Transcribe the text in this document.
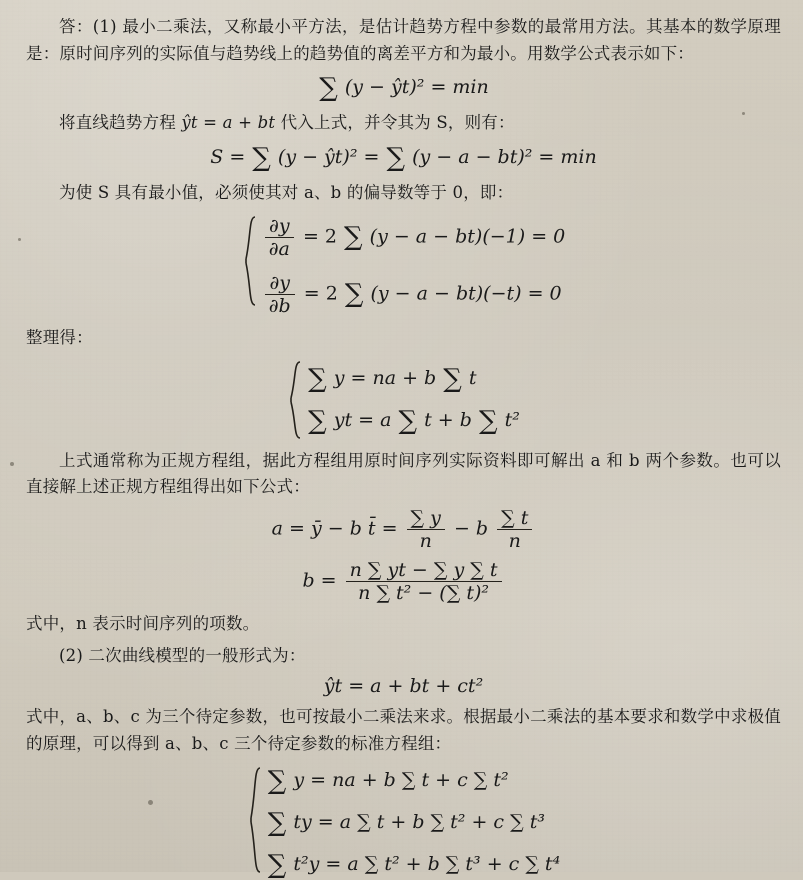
答：(1) 最小二乘法，又称最小平方法，是估计趋势方程中参数的最常用方法。其基本的数学原理是：原时间序列的实际值与趋势线上的趋势值的离差平方和为最小。用数学公式表示如下：

∑ (y − ŷt)² = min

将直线趋势方程 ŷt = a + bt 代入上式，并令其为 S，则有：

S = ∑ (y − ŷt)² = ∑ (y − a − bt)² = min

为使 S 具有最小值，必须使其对 a、b 的偏导数等于 0，即：

$\frac{\partial y}{\partial a} = 2$ ∑ (y − a − bt)(−1) = 0
$\frac{\partial y}{\partial b} = 2$ ∑ (y − a − bt)(−t) = 0

整理得：

∑ y = na + b ∑ t
∑ yt = a ∑ t + b ∑ t²

上式通常称为正规方程组，据此方程组用原时间序列实际资料即可解出 a 和 b 两个参数。也可以直接解上述正规方程组得出如下公式：

a = ȳ − b t̄ = $\frac{\sum y}{n} - b \frac{\sum t}{n}$
$b = \frac{n \sum yt - \sum y \sum t}{\text{n ∑ t² − (∑ t)²}}$

式中，n 表示时间序列的项数。

(2) 二次曲线模型的一般形式为：

ŷt = a + bt + ct²

式中，a、b、c 为三个待定参数，也可按最小二乘法来求。根据最小二乘法的基本要求和数学中求极值的原理，可以得到 a、b、c 三个待定参数的标准方程组：

∑ y = na + b ∑ t + c ∑ t²
∑ ty = a ∑ t + b ∑ t² + c ∑ t³
∑ t²y = a ∑ t² + b ∑ t³ + c ∑ t⁴
